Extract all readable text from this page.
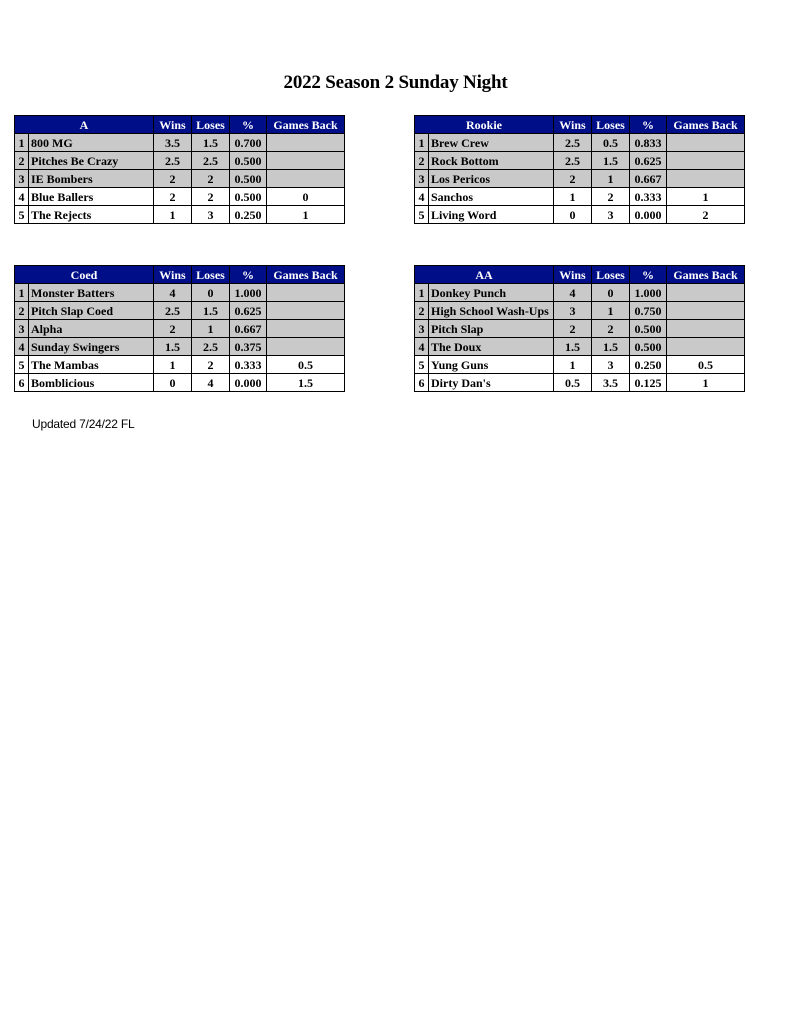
2022 Season 2 Sunday Night
A		Wins	Loses	%	Games Back
1	800 MG	3.5	1.5	0.700	
2	Pitches Be Crazy	2.5	2.5	0.500	
3	IE Bombers	2	2	0.500	
4	Blue Ballers	2	2	0.500	0
5	The Rejects	1	3	0.250	1
Rookie		Wins	Loses	%	Games Back
1	Brew Crew	2.5	0.5	0.833	
2	Rock Bottom	2.5	1.5	0.625	
3	Los Pericos	2	1	0.667	
4	Sanchos	1	2	0.333	1
5	Living Word	0	3	0.000	2
Coed		Wins	Loses	%	Games Back
1	Monster Batters	4	0	1.000	
2	Pitch Slap Coed	2.5	1.5	0.625	
3	Alpha	2	1	0.667	
4	Sunday Swingers	1.5	2.5	0.375	
5	The Mambas	1	2	0.333	0.5
6	Bomblicious	0	4	0.000	1.5
AA		Wins	Loses	%	Games Back
1	Donkey Punch	4	0	1.000	
2	High School Wash-Ups	3	1	0.750	
3	Pitch Slap	2	2	0.500	
4	The Doux	1.5	1.5	0.500	
5	Yung Guns	1	3	0.250	0.5
6	Dirty Dan's	0.5	3.5	0.125	1
Updated 7/24/22 FL
